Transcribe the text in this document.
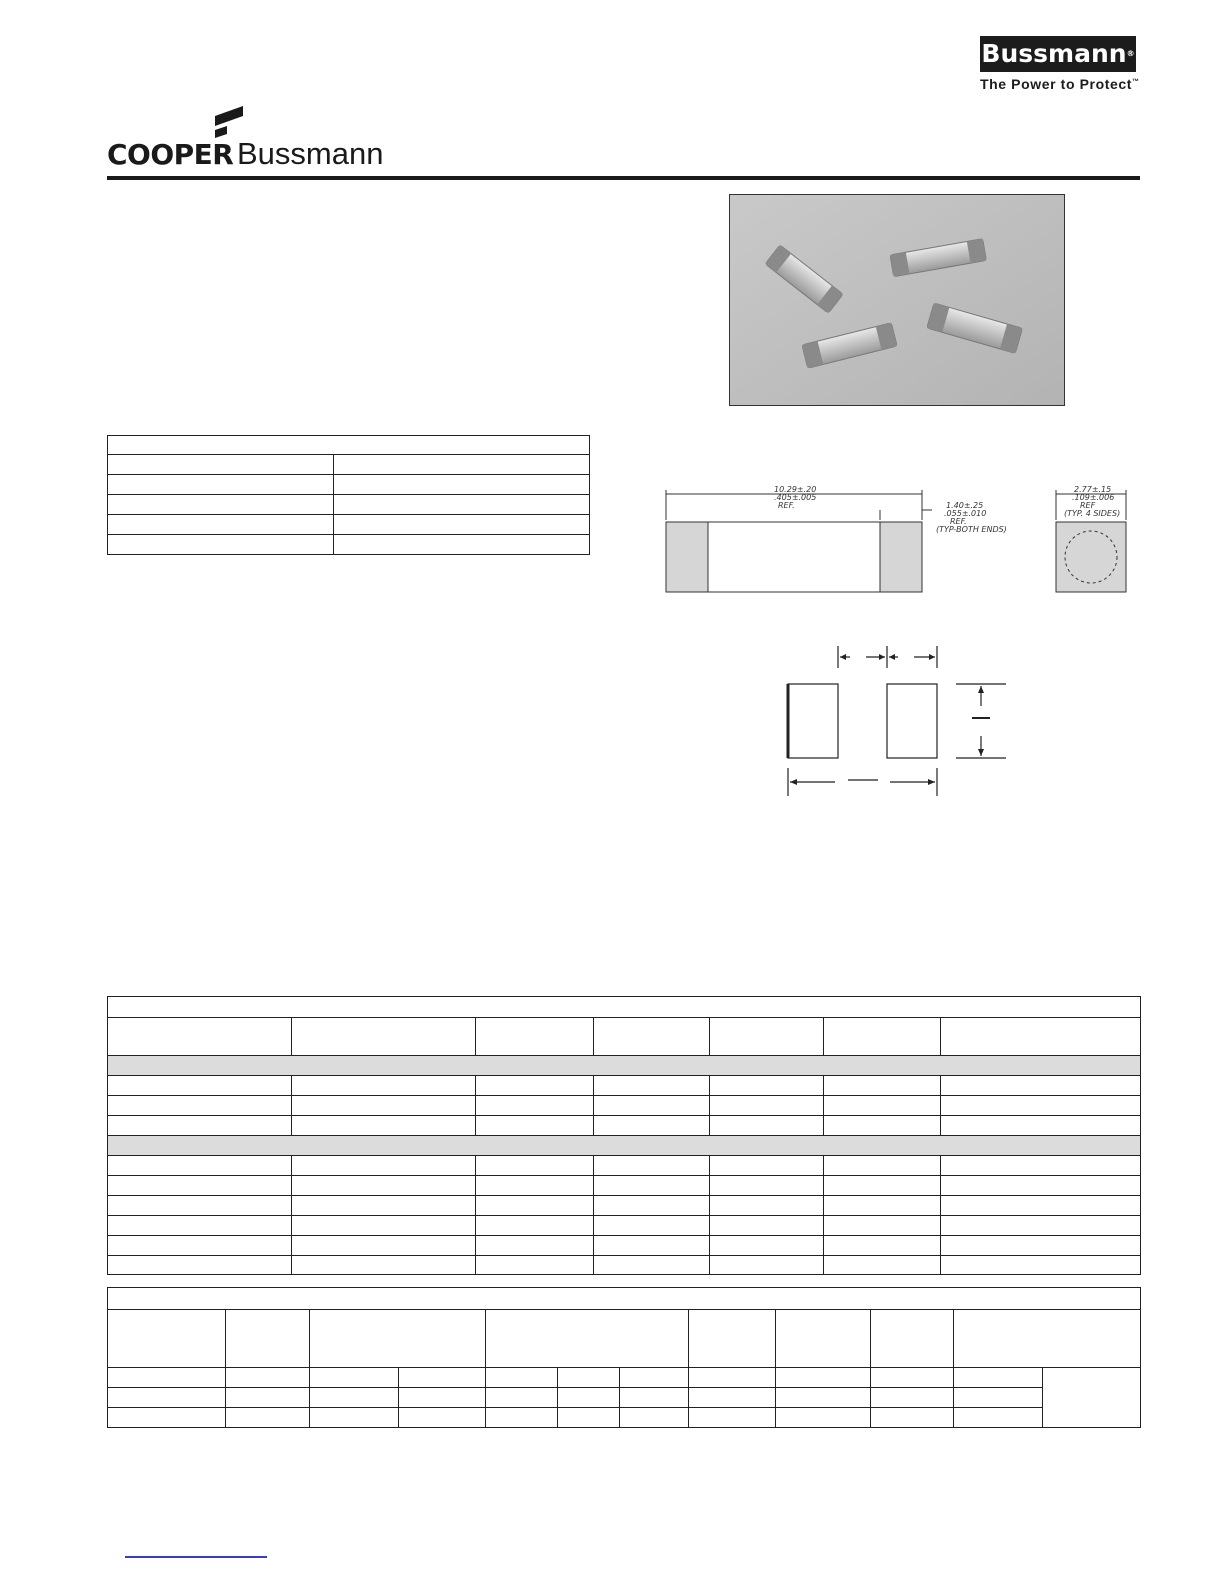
Bussmann®
The Power to Protect™
COOPER Bussmann

10.29±.20
.405±.005
REF.	1.40±.25
.055±.010
REF.
(TYP-BOTH ENDS)
2.77±.15
.109±.006
REF
(TYP. 4 SIDES)
